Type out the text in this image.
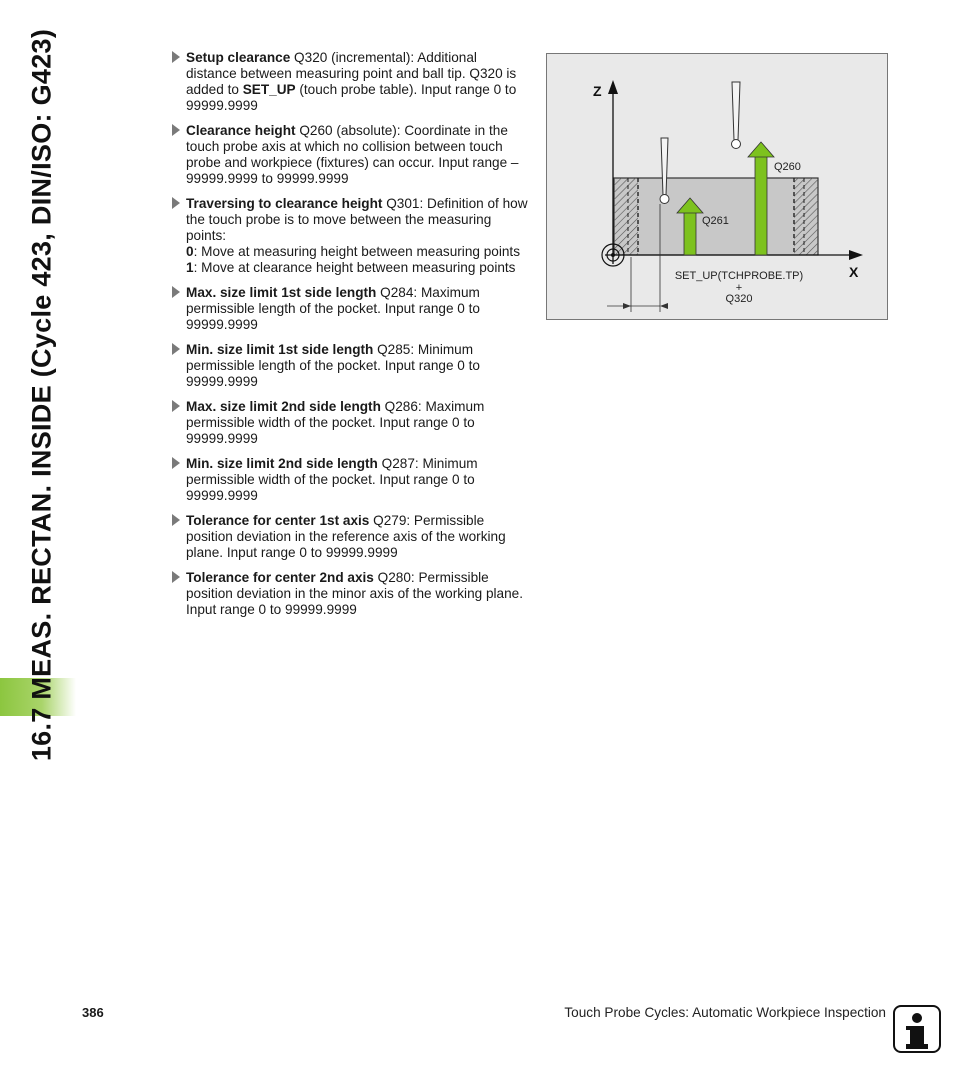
16.7 MEAS. RECTAN. INSIDE (Cycle 423, DIN/ISO: G423)	Setup clearance Q320 (incremental): Additional distance between measuring point and ball tip. Q320 is added to SET_UP (touch probe table). Input range 0 to 99999.9999
Clearance height Q260 (absolute): Coordinate in the touch probe axis at which no collision between touch probe and workpiece (fixtures) can occur. Input range –99999.9999 to 99999.9999
Traversing to clearance height Q301: Definition of how the touch probe is to move between the measuring points:
0: Move at measuring height between measuring points
1: Move at clearance height between measuring points
Max. size limit 1st side length Q284: Maximum permissible length of the pocket. Input range 0 to 99999.9999
Min. size limit 1st side length Q285: Minimum permissible length of the pocket. Input range 0 to 99999.9999
Max. size limit 2nd side length Q286: Maximum permissible width of the pocket. Input range 0 to 99999.9999
Min. size limit 2nd side length Q287: Minimum permissible width of the pocket. Input range 0 to 99999.9999
Tolerance for center 1st axis Q279: Permissible position deviation in the reference axis of the working plane. Input range 0 to 99999.9999
Tolerance for center 2nd axis Q280: Permissible position deviation in the minor axis of the working plane. Input range 0 to 99999.9999
Z
X
Q260
Q261
SET_UP(TCHPROBE.TP)
+
Q320
386	Touch Probe Cycles: Automatic Workpiece Inspection
